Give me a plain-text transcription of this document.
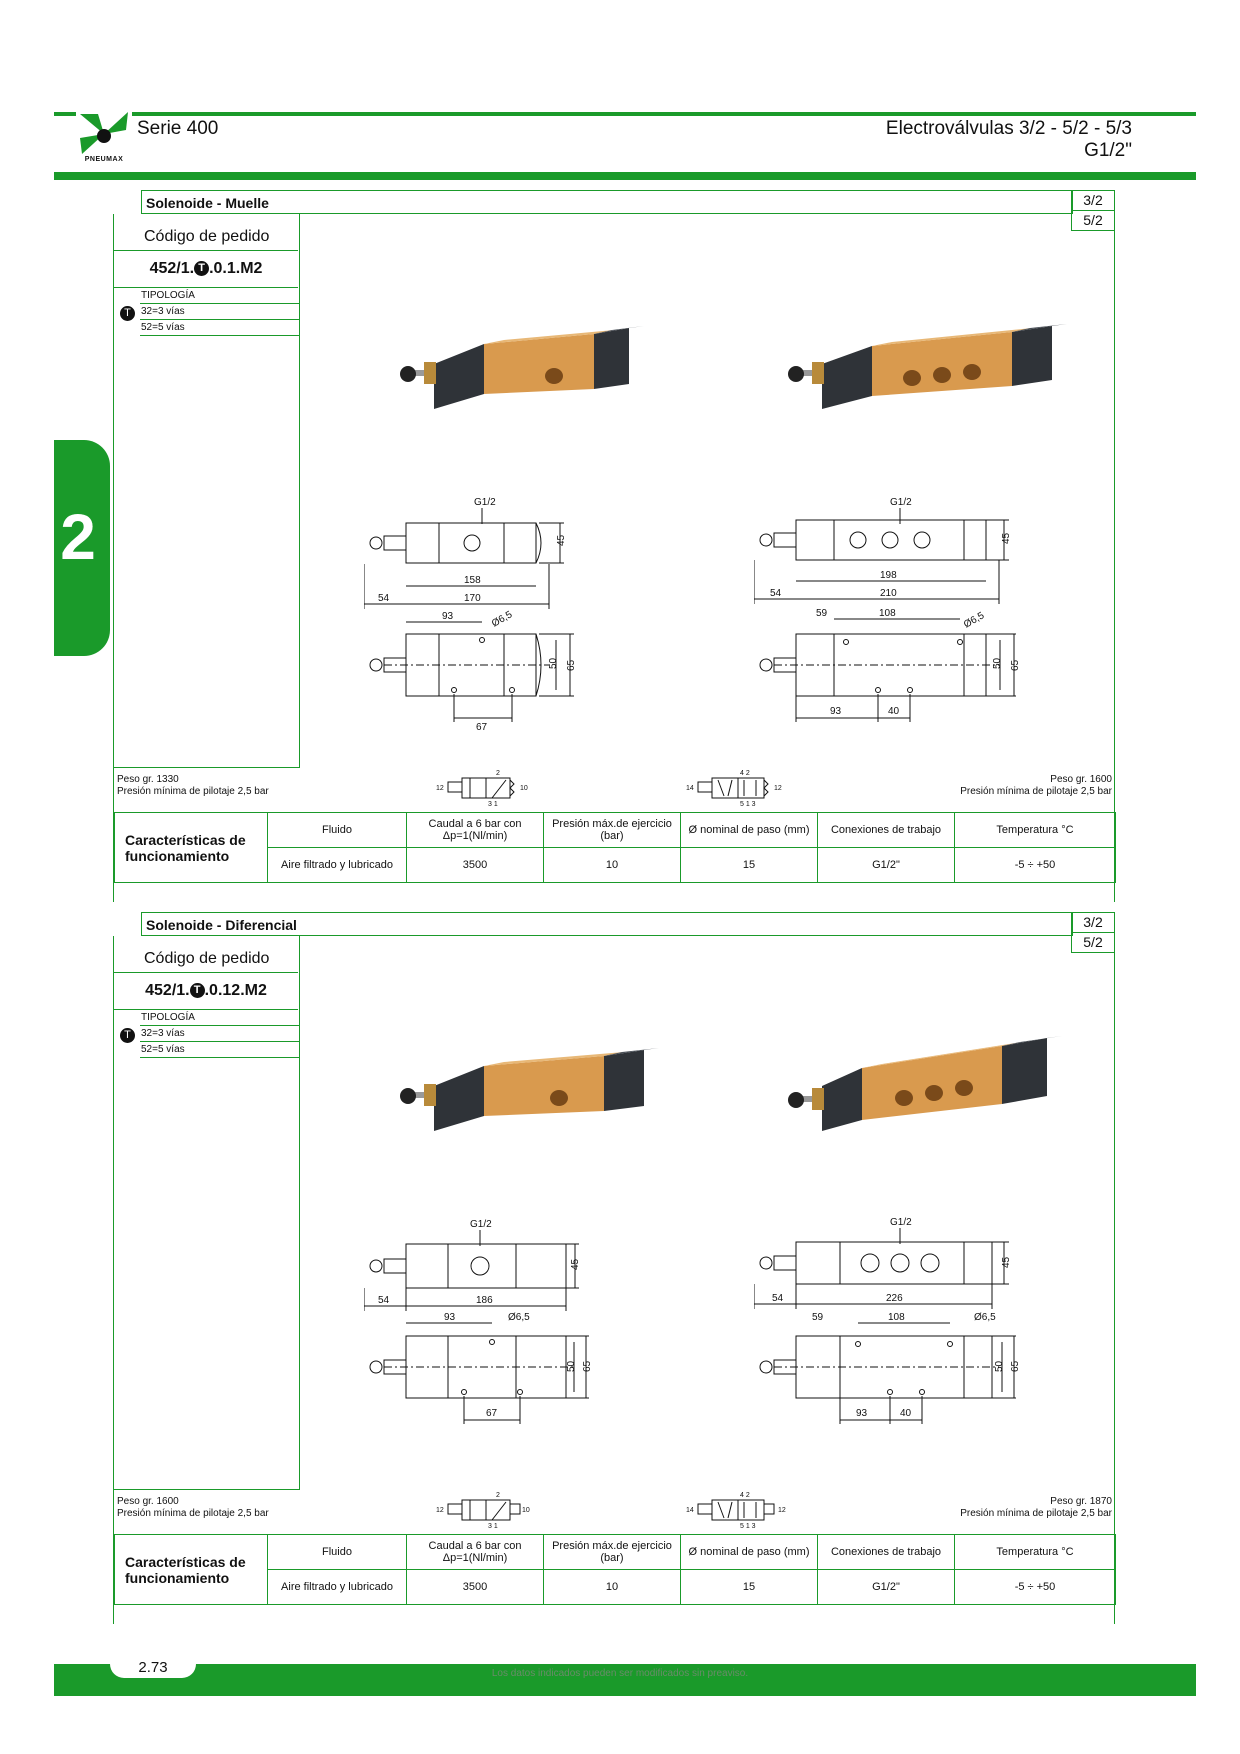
PNEUMAX
Serie 400	Electroválvulas 3/2 - 5/2 - 5/3
G1/2"
2
Solenoide - Muelle	3/2
5/2
Código de pedido
452/1. T .0.1.M2
TIPOLOGÍA
T	32=3 vías
52=5 vías
G1/2
45
158
170
54
93	Ø6,5
50 65
67
G1/2
45
198
210
54
59	108	Ø6,5
50 65
93	40
Peso gr. 1330
Presión mínima de pilotaje 2,5 bar
Peso gr. 1600
Presión mínima de pilotaje 2,5 bar
12	10
2
3 1
14	12
4 2
5 1 3
Características de funcionamiento	Fluido	Caudal a 6 bar con Δp=1(Nl/min)	Presión máx.de ejercicio (bar)	Ø nominal de paso (mm)	Conexiones de trabajo	Temperatura °C
	Aire filtrado y lubricado	3500	10	15	G1/2"	-5 ÷ +50
Solenoide - Diferencial	3/2
5/2
Código de pedido
452/1. T .0.12.M2
TIPOLOGÍA
T	32=3 vías
52=5 vías
G1/2
45
186
54
93	Ø6,5
50 65
67
G1/2
45
226
54
59	108	Ø6,5
50 65
93	40
Peso gr. 1600
Presión mínima de pilotaje 2,5 bar
Peso gr. 1870
Presión mínima de pilotaje 2,5 bar
12	10
2
3 1
14	12
4 2
5 1 3
Características de funcionamiento	Fluido	Caudal a 6 bar con Δp=1(Nl/min)	Presión máx.de ejercicio (bar)	Ø nominal de paso (mm)	Conexiones de trabajo	Temperatura °C
	Aire filtrado y lubricado	3500	10	15	G1/2"	-5 ÷ +50
2.73	Los datos indicados pueden ser modificados sin preaviso.
